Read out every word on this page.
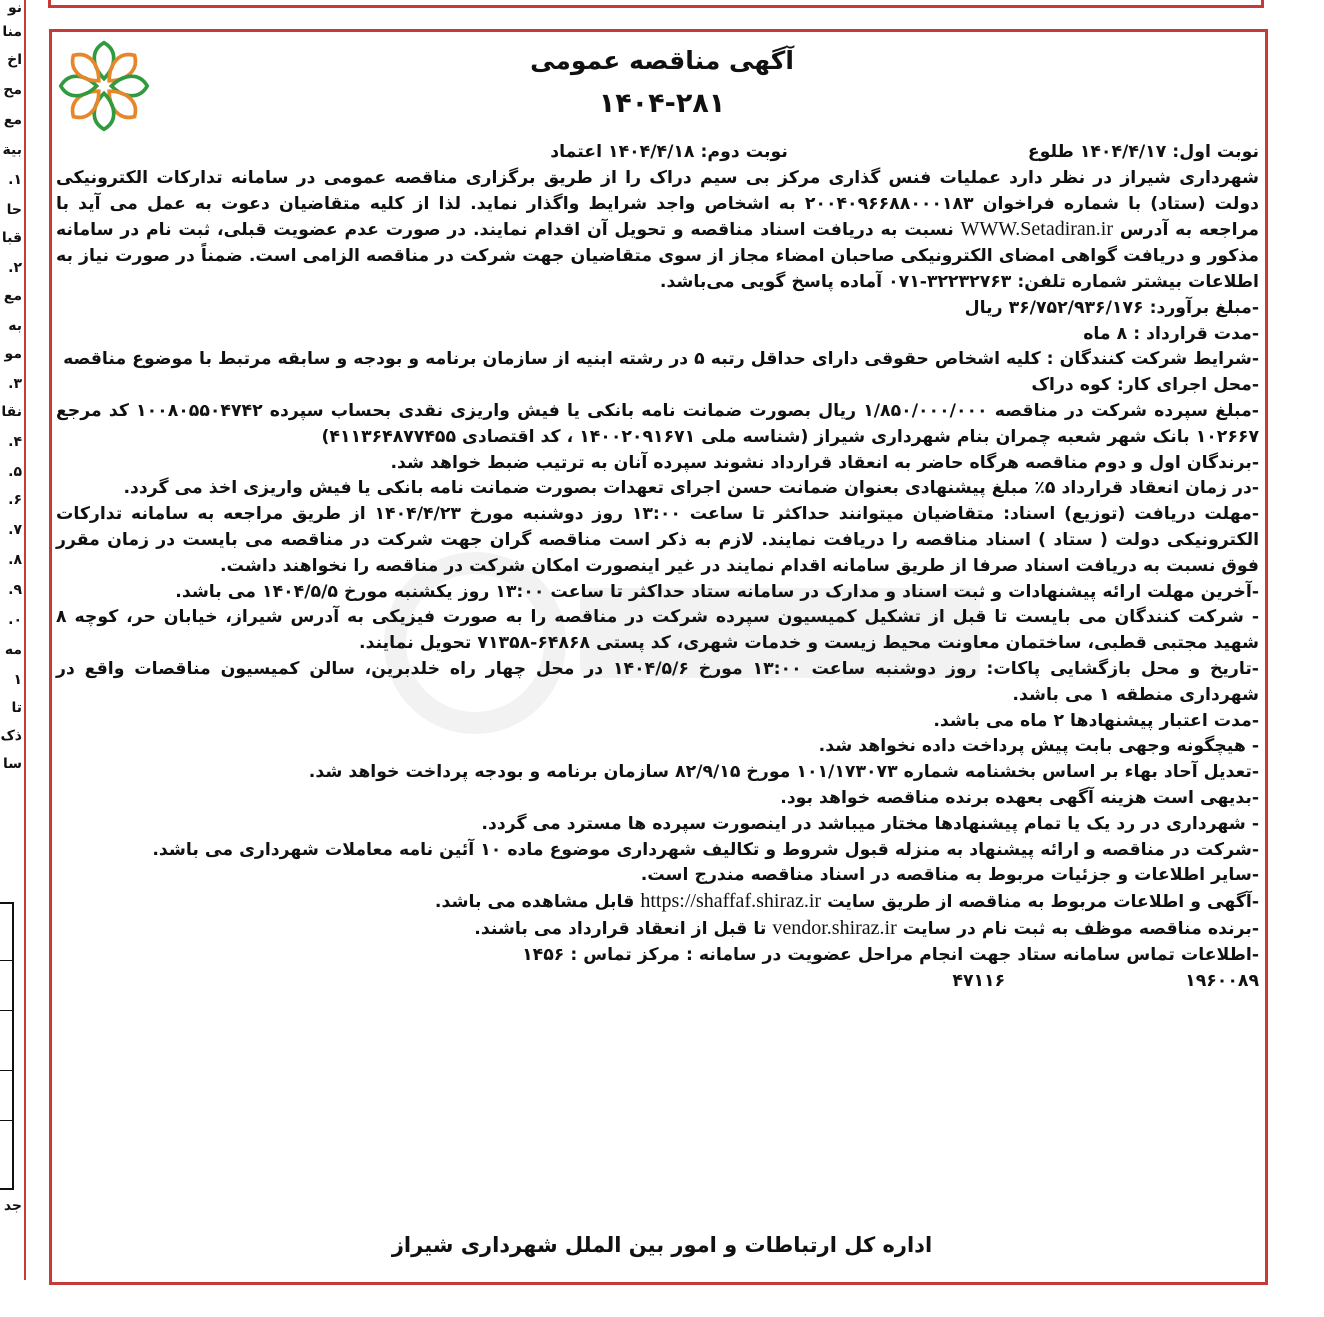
نو
منا
اخ
مح
مع
بیة
۱.
حا
قبا
۲.
مع
به
مو
۳.
نقا
۴.
۵.
۶.
۷.
۸.
۹.
۰.
مه
۱
تا
ذک
سا
جد
آگهی مناقصه عمومی
۱۴۰۴-۲۸۱
نوبت اول: ۱۴۰۴/۴/۱۷ طلوع
نوبت دوم: ۱۴۰۴/۴/۱۸ اعتماد

شهرداری شیراز در نظر دارد عملیات فنس گذاری مرکز بی سیم دراک را از طریق برگزاری مناقصه عمومی در سامانه تدارکات الکترونیکی دولت (ستاد) با شماره فراخوان ۲۰۰۴۰۹۶۶۸۸۰۰۰۱۸۳ به اشخاص واجد شرایط واگذار نماید. لذا از کلیه متقاضیان دعوت به عمل می آید با مراجعه به آدرس WWW.Setadiran.ir نسبت به دریافت اسناد مناقصه و تحویل آن اقدام نمایند. در صورت عدم عضویت قبلی، ثبت نام در سامانه مذکور و دریافت گواهی امضای الکترونیکی صاحبان امضاء مجاز از سوی متقاضیان جهت شرکت در مناقصه الزامی است. ضمناً در صورت نیاز به اطلاعات بیشتر شماره تلفن: ۳۲۲۳۲۷۶۳-۰۷۱ آماده پاسخ گویی می‌باشد.

-مبلغ برآورد: ۳۶/۷۵۲/۹۳۶/۱۷۶ ریال

-مدت قرارداد : ۸ ماه

-شرایط شرکت کنندگان : کلیه اشخاص حقوقی دارای حداقل رتبه ۵ در رشته ابنیه از سازمان برنامه و بودجه و سابقه مرتبط با موضوع مناقصه

-محل اجرای کار: کوه دراک

-مبلغ سپرده شرکت در مناقصه ۱/۸۵۰/۰۰۰/۰۰۰ ریال بصورت ضمانت نامه بانکی یا فیش واریزی نقدی بحساب سپرده ۱۰۰۸۰۵۵۰۴۷۴۲ کد مرجع ۱۰۲۶۶۷ بانک شهر شعبه چمران بنام شهرداری شیراز (شناسه ملی ۱۴۰۰۲۰۹۱۶۷۱ ، کد اقتصادی ۴۱۱۳۶۴۸۷۷۴۵۵)

-برندگان اول و دوم مناقصه هرگاه حاضر به انعقاد قرارداد نشوند سپرده آنان به ترتیب ضبط خواهد شد.

-در زمان انعقاد قرارداد ۵٪ مبلغ پیشنهادی بعنوان ضمانت حسن اجرای تعهدات بصورت ضمانت نامه بانکی یا فیش واریزی اخذ می گردد.

-مهلت دریافت (توزیع) اسناد: متقاضیان میتوانند حداکثر تا ساعت ۱۳:۰۰ روز دوشنبه مورخ ۱۴۰۴/۴/۲۳ از طریق مراجعه به سامانه تدارکات الکترونیکی دولت ( ستاد ) اسناد مناقصه را دریافت نمایند. لازم به ذکر است مناقصه گران جهت شرکت در مناقصه می بایست در زمان مقرر فوق نسبت به دریافت اسناد صرفا از طریق سامانه اقدام نمایند در غیر اینصورت امکان شرکت در مناقصه را نخواهند داشت.

-آخرین مهلت ارائه پیشنهادات و ثبت اسناد و مدارک در سامانه ستاد حداکثر تا ساعت ۱۳:۰۰ روز یکشنبه مورخ ۱۴۰۴/۵/۵ می باشد.

- شرکت کنندگان می بایست تا قبل از تشکیل کمیسیون سپرده شرکت در مناقصه را به صورت فیزیکی به آدرس شیراز، خیابان حر، کوچه ۸ شهید مجتبی قطبی، ساختمان معاونت محیط زیست و خدمات شهری، کد پستی ۶۴۸۶۸-۷۱۳۵۸ تحویل نمایند.

-تاریخ و محل بازگشایی پاکات: روز دوشنبه ساعت ۱۳:۰۰ مورخ ۱۴۰۴/۵/۶ در محل چهار راه خلدبرین، سالن کمیسیون مناقصات واقع در شهرداری منطقه ۱ می باشد.

-مدت اعتبار پیشنهادها ۲ ماه می باشد.

- هیچگونه وجهی بابت پیش پرداخت داده نخواهد شد.

-تعدیل آحاد بهاء بر اساس بخشنامه شماره ۱۰۱/۱۷۳۰۷۳ مورخ ۸۲/۹/۱۵ سازمان برنامه و بودجه پرداخت خواهد شد.

-بدیهی است هزینه آگهی بعهده برنده مناقصه خواهد بود.

- شهرداری در رد یک یا تمام پیشنهادها مختار میباشد در اینصورت سپرده ها مسترد می گردد.

-شرکت در مناقصه و ارائه پیشنهاد به منزله قبول شروط و تکالیف شهرداری موضوع ماده ۱۰ آئین نامه معاملات شهرداری می باشد.

-سایر اطلاعات و جزئیات مربوط به مناقصه در اسناد مناقصه مندرج است.

-آگهی و اطلاعات مربوط به مناقصه از طریق سایت https://shaffaf.shiraz.ir قابل مشاهده می باشد.

-برنده مناقصه موظف به ثبت نام در سایت vendor.shiraz.ir تا قبل از انعقاد قرارداد می باشند.

-اطلاعات تماس سامانه ستاد جهت انجام مراحل عضویت در سامانه : مرکز تماس : ۱۴۵۶

۱۹۶۰۰۸۹
۴۷۱۱۶
اداره کل ارتباطات و امور بین الملل شهرداری شیراز
